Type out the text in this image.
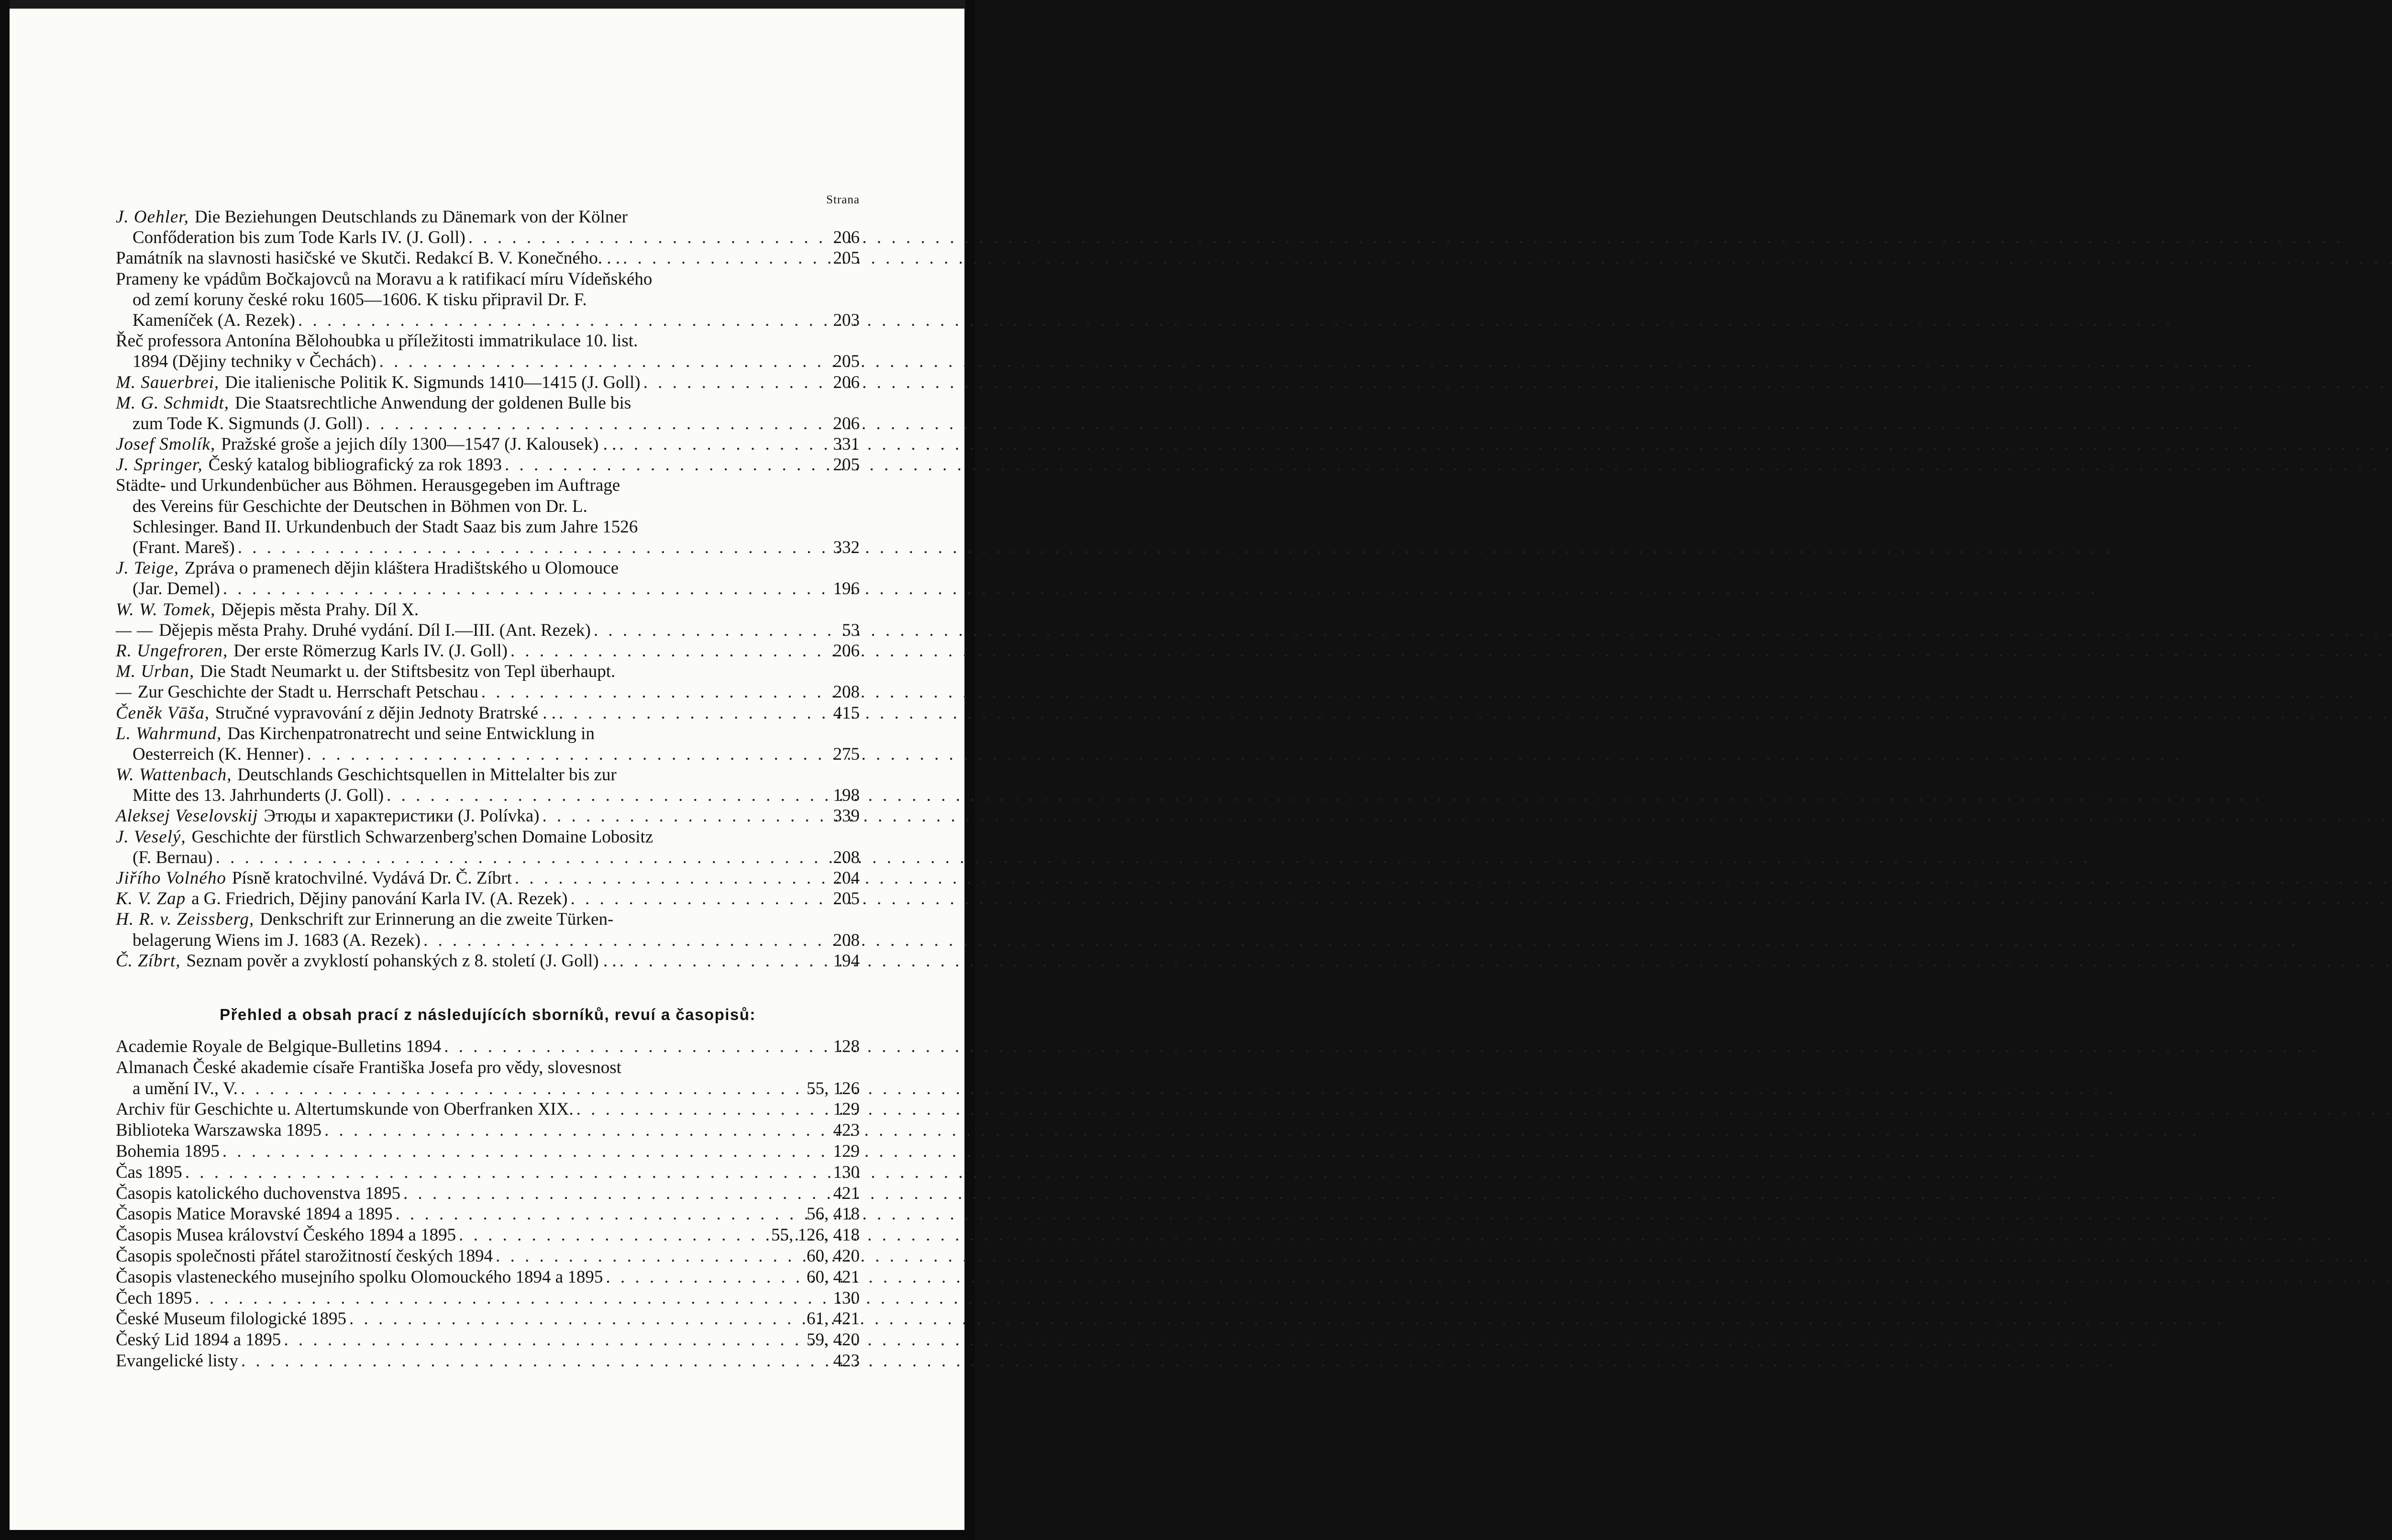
Strana
J. Oehler, Die Beziehungen Deutschlands zu Dänemark von der Kölner
Confőderation bis zum Tode Karls IV. (J. Goll) . . .	206
Památník na slavnosti hasičské ve Skutči. Redakcí B. V. Konečného. . . . . .	205
Prameny ke vpádům Bočkajovců na Moravu a k ratifikací míru Vídeňského
od zemí koruny české roku 1605—1606. K tisku připravil Dr. F.
Kameníček (A. Rezek) . . .	203
Řeč professora Antonína Bělohoubka u příležitosti immatrikulace 10. list.
1894 (Dějiny techniky v Čechách) . . .	205
M. Sauerbrei, Die italienische Politik K. Sigmunds 1410—1415 (J. Goll) . . .	206
M. G. Schmidt, Die Staatsrechtliche Anwendung der goldenen Bulle bis
zum Tode K. Sigmunds (J. Goll) . . .	206
Josef Smolík, Pražské groše a jejich díly 1300—1547 (J. Kalousek) . . . . .	331
J. Springer, Český katalog bibliografický za rok 1893 . . .	205
Städte- und Urkundenbücher aus Böhmen. Herausgegeben im Auftrage
des Vereins für Geschichte der Deutschen in Böhmen von Dr. L.
Schlesinger. Band II. Urkundenbuch der Stadt Saaz bis zum Jahre 1526
(Frant. Mareš) . . .	332
J. Teige, Zpráva o pramenech dějin kláštera Hradištského u Olomouce
(Jar. Demel) . . .	196
W. W. Tomek, Dějepis města Prahy. Díl X.
— — Dějepis města Prahy. Druhé vydání. Díl I.—III. (Ant. Rezek) . . .	53
R. Ungefroren, Der erste Römerzug Karls IV. (J. Goll) . . .	206
M. Urban, Die Stadt Neumarkt u. der Stiftsbesitz von Tepl überhaupt.
— Zur Geschichte der Stadt u. Herrschaft Petschau . . .	208
Čeněk Vāša, Stručné vypravování z dějin Jednoty Bratrské . . . . .	415
L. Wahrmund, Das Kirchenpatronatrecht und seine Entwicklung in
Oesterreich (K. Henner) . . .	275
W. Wattenbach, Deutschlands Geschichtsquellen in Mittelalter bis zur
Mitte des 13. Jahrhunderts (J. Goll) . . .	198
Aleksej Veselovskij Этюды и характеристики (J. Polívka) . . .	339
J. Veselý, Geschichte der fürstlich Schwarzenberg'schen Domaine Lobositz
(F. Bernau) . . .	208
Jiřího Volného Písně kratochvilné. Vydává Dr. Č. Zíbrt . . .	204
K. V. Zap a G. Friedrich, Dějiny panování Karla IV. (A. Rezek) . . .	205
H. R. v. Zeissberg, Denkschrift zur Erinnerung an die zweite Türken-
belagerung Wiens im J. 1683 (A. Rezek) . . .	208
Č. Zíbrt, Seznam pověr a zvyklostí pohanských z 8. století (J. Goll) . . . . .	194
Přehled a obsah prací z následujících sborníků, revuí a časopisů:
Academie Royale de Belgique-Bulletins 1894 . . .	128
Almanach České akademie císaře Františka Josefa pro vědy, slovesnost
a umění IV., V. . . .	55, 126
Archiv für Geschichte u. Altertumskunde von Oberfranken XIX. . . .	129
Biblioteka Warszawska 1895 . . .	423
Bohemia 1895 . . .	129
Čas 1895 . . .	130
Časopis katolického duchovenstva 1895 . . .	421
Časopis Matice Moravské 1894 a 1895 . . .	56, 418
Časopis Musea království Českého 1894 a 1895 . . .	55, 126, 418
Časopis společnosti přátel starožitností českých 1894 . . .	60, 420
Časopis vlasteneckého musejního spolku Olomouckého 1894 a 1895 . . .	60, 421
Čech 1895 . . .	130
České Museum filologické 1895 . . .	61, 421
Český Lid 1894 a 1895 . . .	59, 420
Evangelické listy . . .	423
